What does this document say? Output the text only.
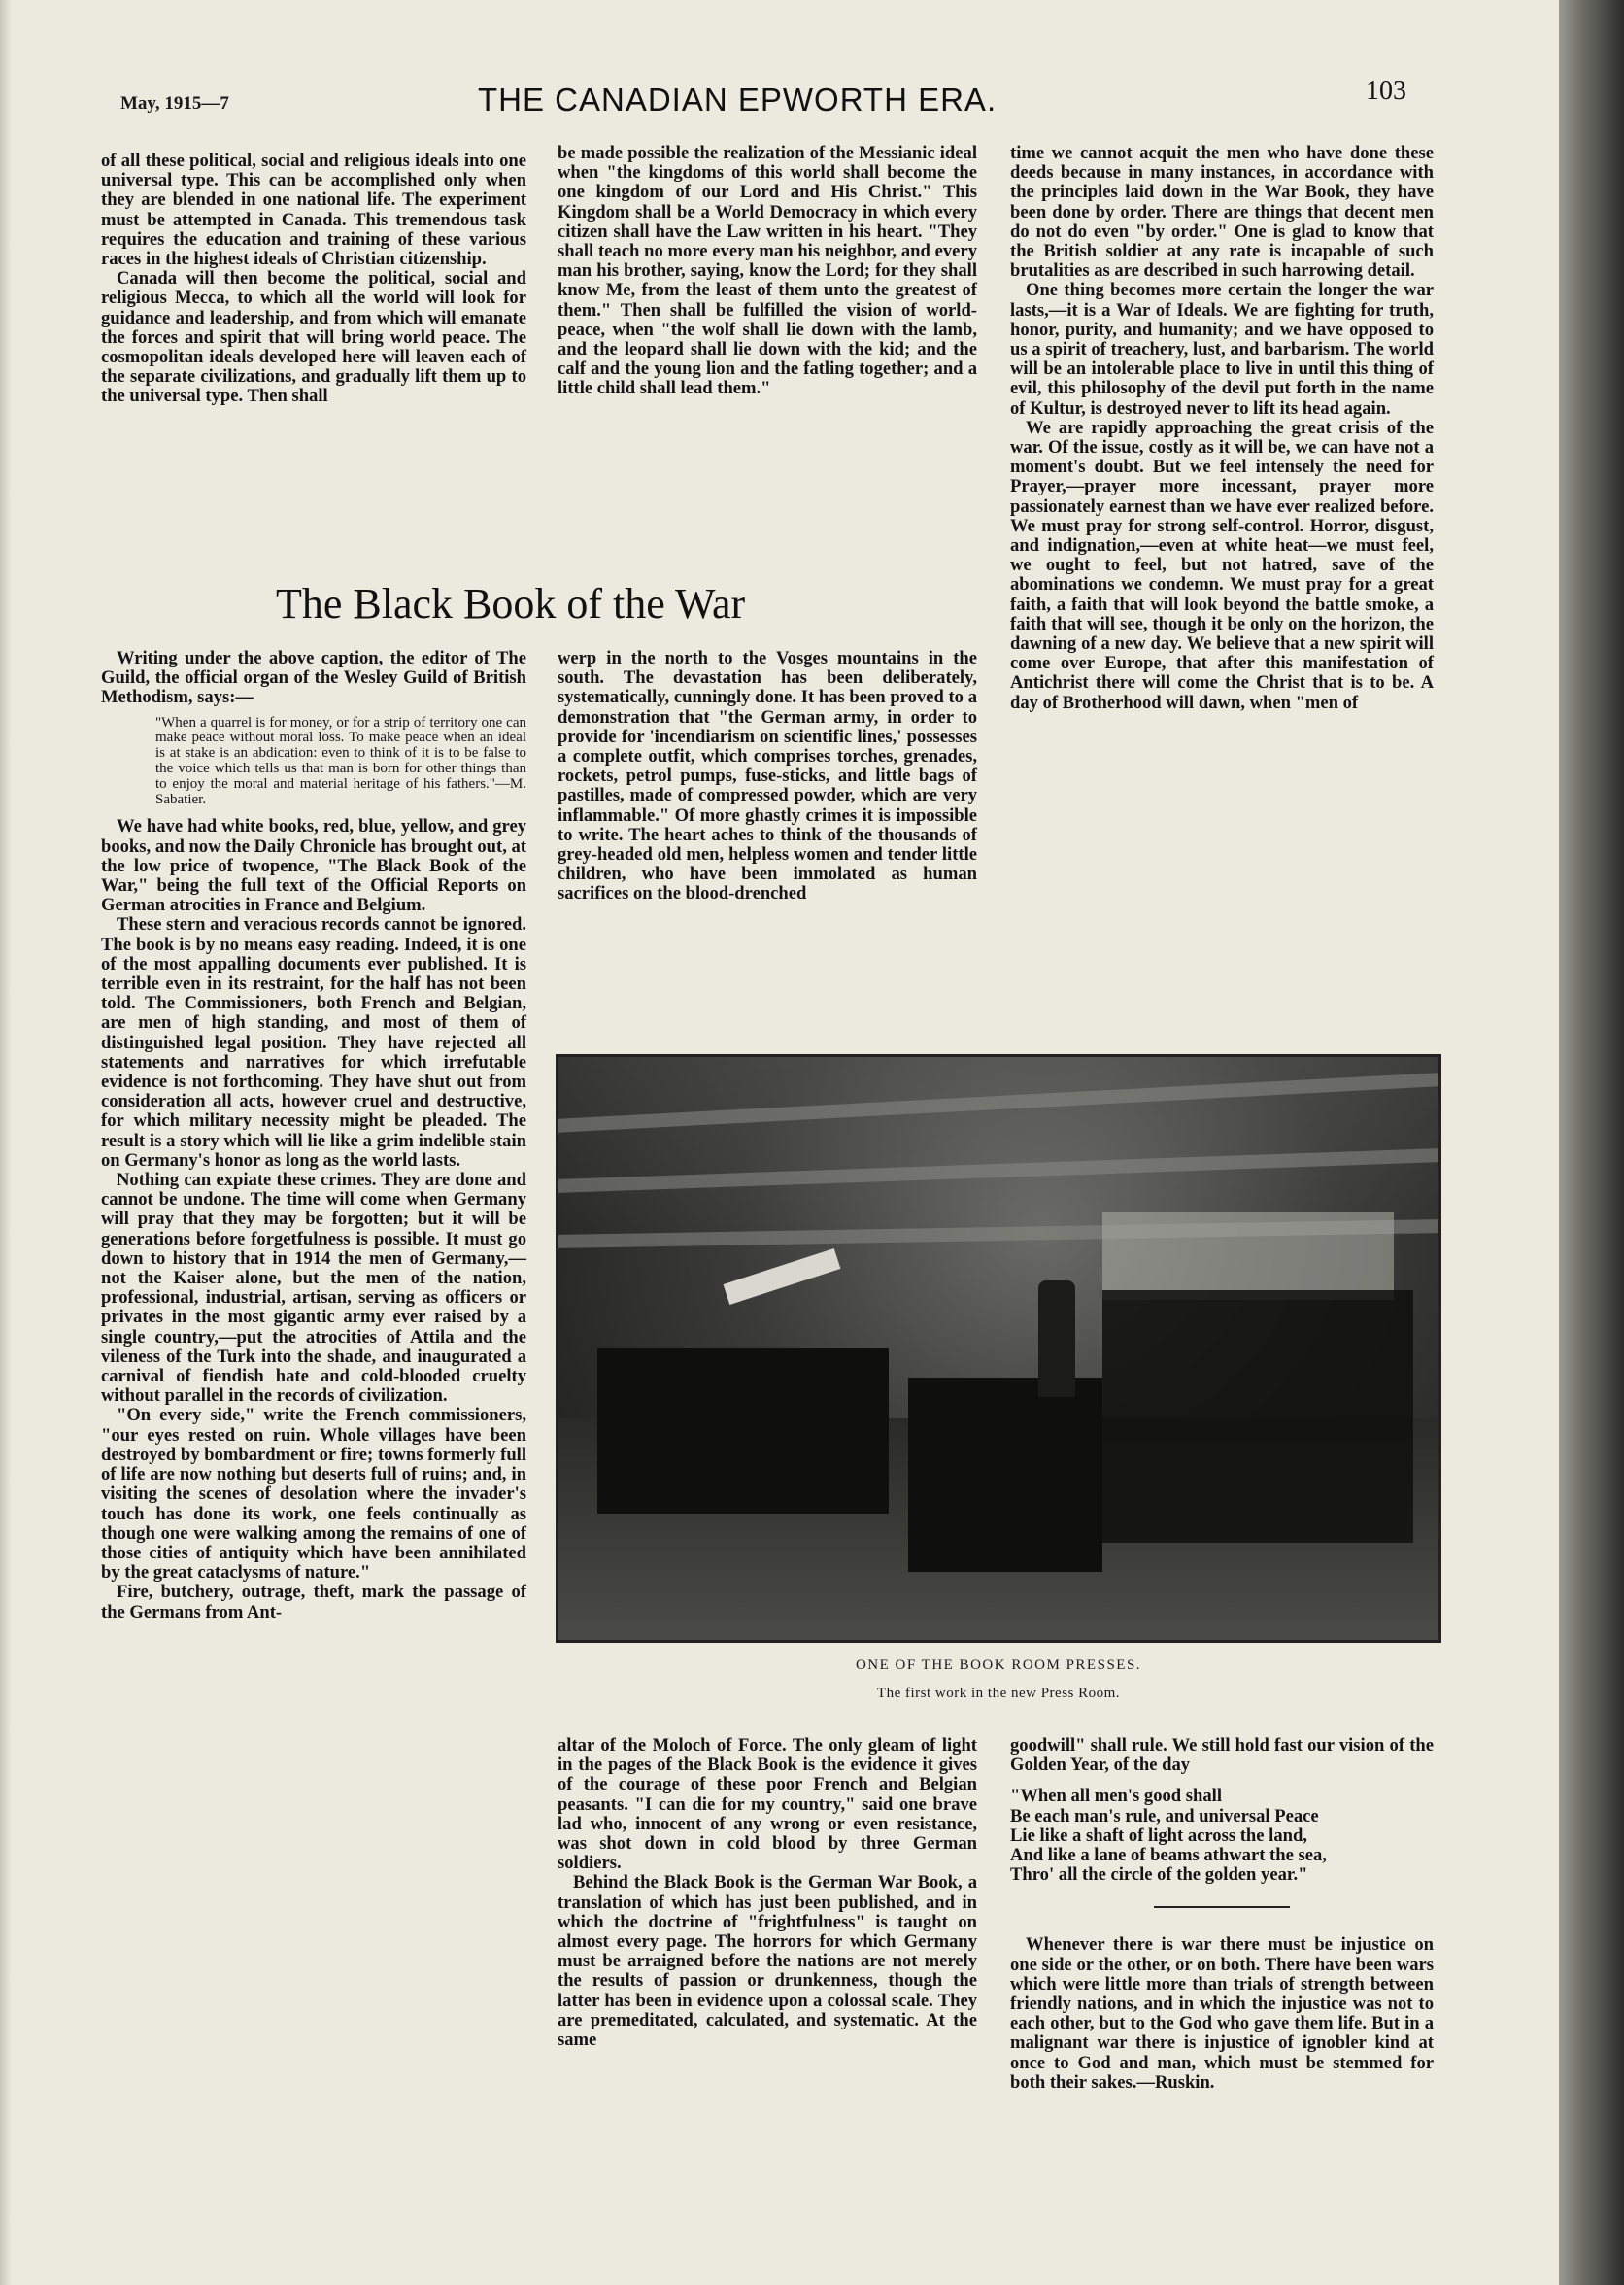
May, 1915—7	THE CANADIAN EPWORTH ERA.	103

of all these political, social and religious ideals into one universal type. This can be accomplished only when they are blended in one national life. The experiment must be attempted in Canada. This tremendous task requires the education and training of these various races in the highest ideals of Christian citizenship.

Canada will then become the political, social and religious Mecca, to which all the world will look for guidance and leadership, and from which will emanate the forces and spirit that will bring world peace. The cosmopolitan ideals developed here will leaven each of the separate civilizations, and gradually lift them up to the universal type. Then shall

be made possible the realization of the Messianic ideal when "the kingdoms of this world shall become the one kingdom of our Lord and His Christ." This Kingdom shall be a World Democracy in which every citizen shall have the Law written in his heart. "They shall teach no more every man his neighbor, and every man his brother, saying, know the Lord; for they shall know Me, from the least of them unto the greatest of them." Then shall be fulfilled the vision of world-peace, when "the wolf shall lie down with the lamb, and the leopard shall lie down with the kid; and the calf and the young lion and the fatling together; and a little child shall lead them."

The Black Book of the War

Writing under the above caption, the editor of The Guild, the official organ of the Wesley Guild of British Methodism, says:—

"When a quarrel is for money, or for a strip of territory one can make peace without moral loss. To make peace when an ideal is at stake is an abdication: even to think of it is to be false to the voice which tells us that man is born for other things than to enjoy the moral and material heritage of his fathers."—M. Sabatier.

We have had white books, red, blue, yellow, and grey books, and now the Daily Chronicle has brought out, at the low price of twopence, "The Black Book of the War," being the full text of the Official Reports on German atrocities in France and Belgium.

These stern and veracious records cannot be ignored. The book is by no means easy reading. Indeed, it is one of the most appalling documents ever published. It is terrible even in its restraint, for the half has not been told. The Commissioners, both French and Belgian, are men of high standing, and most of them of distinguished legal position. They have rejected all statements and narratives for which irrefutable evidence is not forthcoming. They have shut out from consideration all acts, however cruel and destructive, for which military necessity might be pleaded. The result is a story which will lie like a grim indelible stain on Germany's honor as long as the world lasts.

Nothing can expiate these crimes. They are done and cannot be undone. The time will come when Germany will pray that they may be forgotten; but it will be generations before forgetfulness is possible. It must go down to history that in 1914 the men of Germany,—not the Kaiser alone, but the men of the nation, professional, industrial, artisan, serving as officers or privates in the most gigantic army ever raised by a single country,—put the atrocities of Attila and the vileness of the Turk into the shade, and inaugurated a carnival of fiendish hate and cold-blooded cruelty without parallel in the records of civilization.

"On every side," write the French commissioners, "our eyes rested on ruin. Whole villages have been destroyed by bombardment or fire; towns formerly full of life are now nothing but deserts full of ruins; and, in visiting the scenes of desolation where the invader's touch has done its work, one feels continually as though one were walking among the remains of one of those cities of antiquity which have been annihilated by the great cataclysms of nature."

Fire, butchery, outrage, theft, mark the passage of the Germans from Ant-

werp in the north to the Vosges mountains in the south. The devastation has been deliberately, systematically, cunningly done. It has been proved to a demonstration that "the German army, in order to provide for 'incendiarism on scientific lines,' possesses a complete outfit, which comprises torches, grenades, rockets, petrol pumps, fuse-sticks, and little bags of pastilles, made of compressed powder, which are very inflammable." Of more ghastly crimes it is impossible to write. The heart aches to think of the thousands of grey-headed old men, helpless women and tender little children, who have been immolated as human sacrifices on the blood-drenched

time we cannot acquit the men who have done these deeds because in many instances, in accordance with the principles laid down in the War Book, they have been done by order. There are things that decent men do not do even "by order." One is glad to know that the British soldier at any rate is incapable of such brutalities as are described in such harrowing detail.

One thing becomes more certain the longer the war lasts,—it is a War of Ideals. We are fighting for truth, honor, purity, and humanity; and we have opposed to us a spirit of treachery, lust, and barbarism. The world will be an intolerable place to live in until this thing of evil, this philosophy of the devil put forth in the name of Kultur, is destroyed never to lift its head again.

We are rapidly approaching the great crisis of the war. Of the issue, costly as it will be, we can have not a moment's doubt. But we feel intensely the need for Prayer,—prayer more incessant, prayer more passionately earnest than we have ever realized before. We must pray for strong self-control. Horror, disgust, and indignation,—even at white heat—we must feel, we ought to feel, but not hatred, save of the abominations we condemn. We must pray for a great faith, a faith that will look beyond the battle smoke, a faith that will see, though it be only on the horizon, the dawning of a new day. We believe that a new spirit will come over Europe, that after this manifestation of Antichrist there will come the Christ that is to be. A day of Brotherhood will dawn, when "men of

ONE OF THE BOOK ROOM PRESSES.
The first work in the new Press Room.

altar of the Moloch of Force. The only gleam of light in the pages of the Black Book is the evidence it gives of the courage of these poor French and Belgian peasants. "I can die for my country," said one brave lad who, innocent of any wrong or even resistance, was shot down in cold blood by three German soldiers.

Behind the Black Book is the German War Book, a translation of which has just been published, and in which the doctrine of "frightfulness" is taught on almost every page. The horrors for which Germany must be arraigned before the nations are not merely the results of passion or drunkenness, though the latter has been in evidence upon a colossal scale. They are premeditated, calculated, and systematic. At the same

goodwill" shall rule. We still hold fast our vision of the Golden Year, of the day

"When all men's good shall
Be each man's rule, and universal Peace
Lie like a shaft of light across the land,
And like a lane of beams athwart the sea,
Thro' all the circle of the golden year."

Whenever there is war there must be injustice on one side or the other, or on both. There have been wars which were little more than trials of strength between friendly nations, and in which the injustice was not to each other, but to the God who gave them life. But in a malignant war there is injustice of ignobler kind at once to God and man, which must be stemmed for both their sakes.—Ruskin.
